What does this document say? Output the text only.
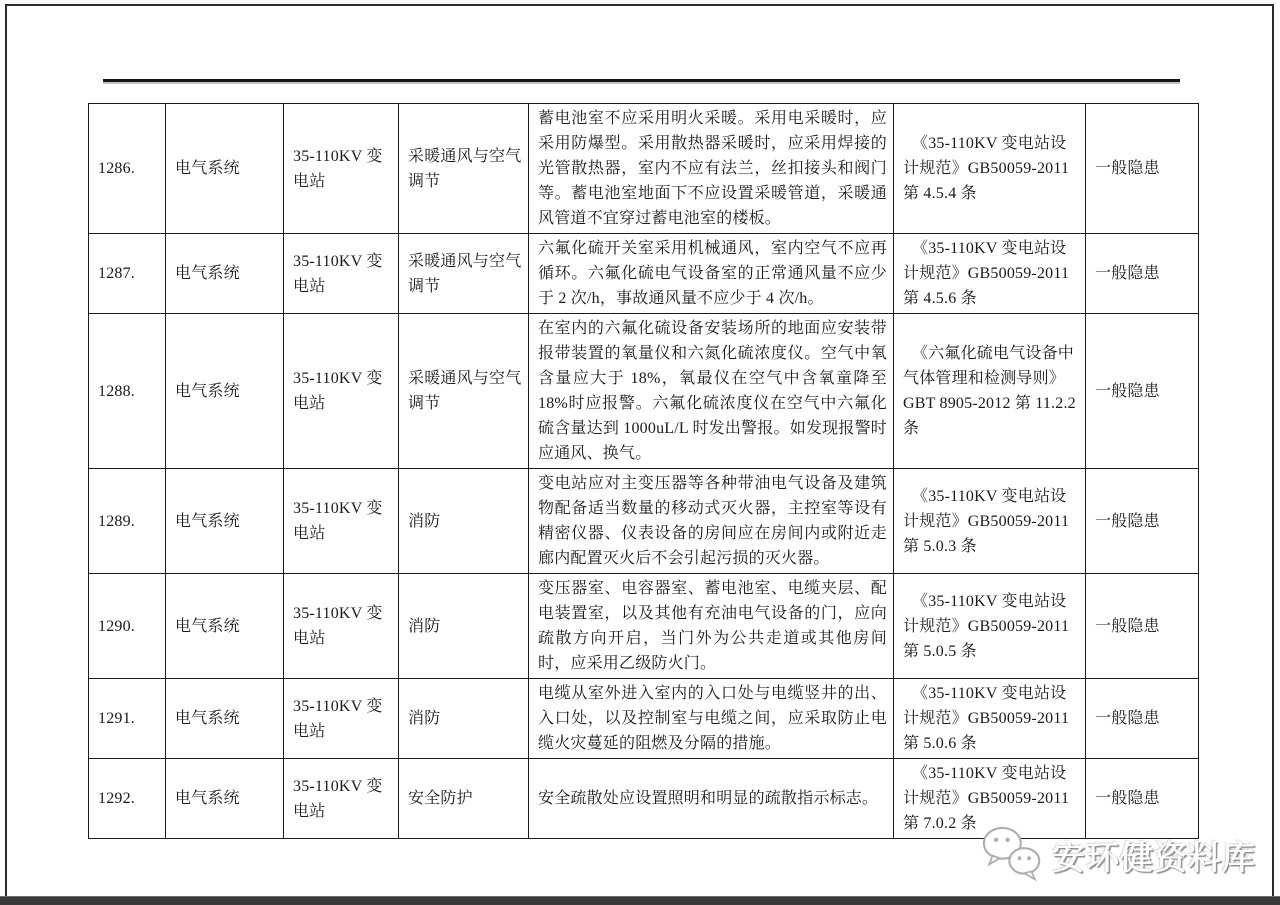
1286.	电气系统	35-110KV 变电站	采暖通风与空气调节	蓄电池室不应采用明火采暖。采用电采暖时，应采用防爆型。采用散热器采暖时，应采用焊接的光管散热器，室内不应有法兰，丝扣接头和阀门等。蓄电池室地面下不应设置采暖管道，采暖通风管道不宜穿过蓄电池室的楼板。	《35-110KV 变电站设计规范》GB50059-2011 第 4.5.4 条	一般隐患
1287.	电气系统	35-110KV 变电站	采暖通风与空气调节	六氟化硫开关室采用机械通风，室内空气不应再循环。六氟化硫电气设备室的正常通风量不应少于 2 次/h，事故通风量不应少于 4 次/h。	《35-110KV 变电站设计规范》GB50059-2011 第 4.5.6 条	一般隐患
1288.	电气系统	35-110KV 变电站	采暖通风与空气调节	在室内的六氟化硫设备安装场所的地面应安装带报带装置的氧量仪和六氮化硫浓度仪。空气中氧含量应大于 18%，氧最仪在空气中含氧童降至 18%时应报警。六氟化硫浓度仪在空气中六氟化硫含量达到 1000uL/L 时发出警报。如发现报警时应通风、换气。	《六氟化硫电气设备中气体管理和检测导则》GBT 8905-2012 第 11.2.2 条	一般隐患
1289.	电气系统	35-110KV 变电站	消防	变电站应对主变压器等各种带油电气设备及建筑物配备适当数量的移动式灭火器，主控室等设有精密仪器、仪表设备的房间应在房间内或附近走廊内配置灭火后不会引起污损的灭火器。	《35-110KV 变电站设计规范》GB50059-2011 第 5.0.3 条	一般隐患
1290.	电气系统	35-110KV 变电站	消防	变压器室、电容器室、蓄电池室、电缆夹层、配电装置室，以及其他有充油电气设备的门，应向疏散方向开启，当门外为公共走道或其他房间时，应采用乙级防火门。	《35-110KV 变电站设计规范》GB50059-2011 第 5.0.5 条	一般隐患
1291.	电气系统	35-110KV 变电站	消防	电缆从室外进入室内的入口处与电缆竖井的出、入口处，以及控制室与电缆之间，应采取防止电缆火灾蔓延的阻燃及分隔的措施。	《35-110KV 变电站设计规范》GB50059-2011 第 5.0.6 条	一般隐患
1292.	电气系统	35-110KV 变电站	安全防护	安全疏散处应设置照明和明显的疏散指示标志。	《35-110KV 变电站设计规范》GB50059-2011 第 7.0.2 条	一般隐患
安环健资料库
